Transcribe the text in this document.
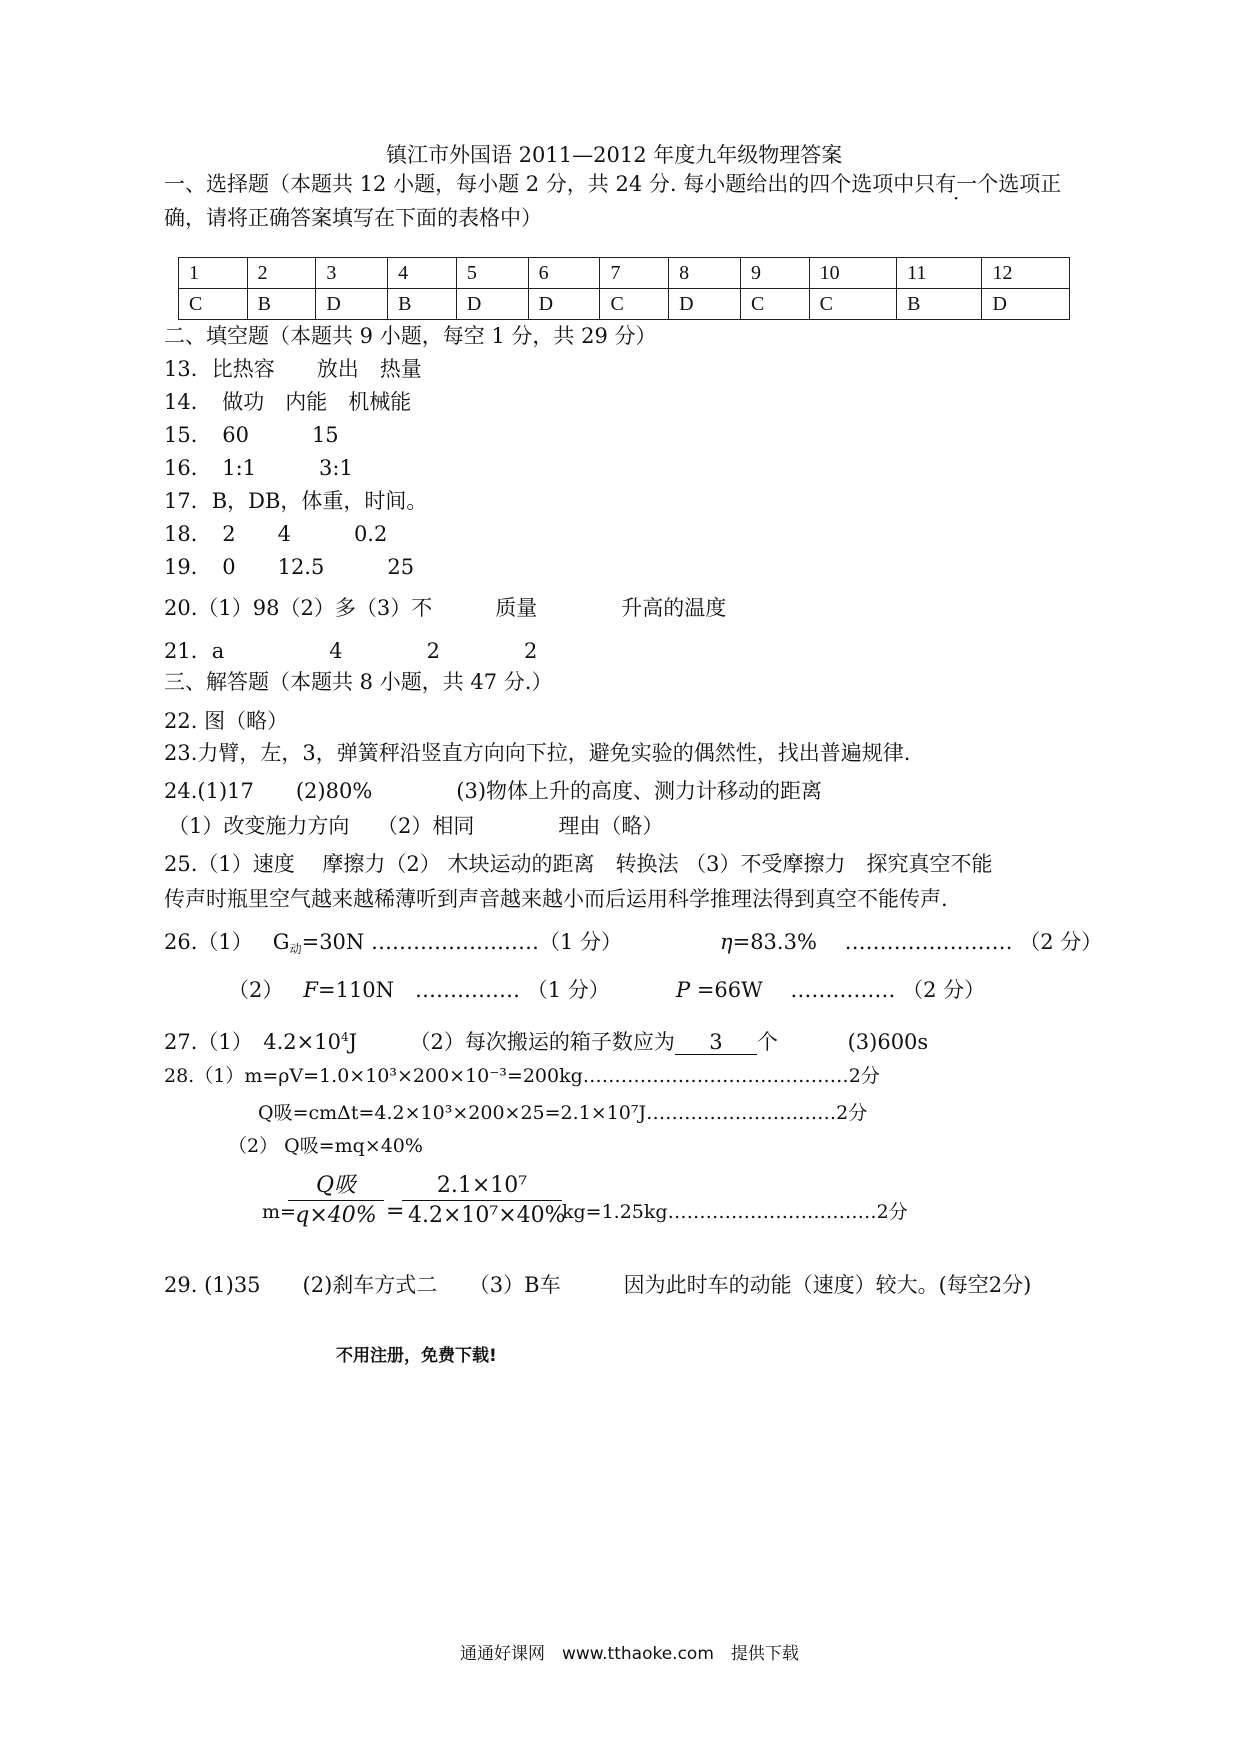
镇江市外国语 2011—2012 年度九年级物理答案
一、选择题（本题共 12 小题，每小题 2 分，共 24 分. 每小题给出的四个选项中只有一个选项正
确，请将正确答案填写在下面的表格中）
1	2	3	4	5	6	7	8	9	10	11	12
C	B	D	B	D	D	C	D	C	C	B	D
二、填空题（本题共 9 小题，每空 1 分，共 29 分）
13．比热容　　放出　热量
14．　做功　内能　机械能
15．　60　　　15
16．　1:1　　　3:1
17．B，DB，体重，时间。
18．　2　　4　　　0.2
19．　0　　12.5　　　25
20.（1）98（2）多（3）不　　　质量　　　　升高的温度
21．a　　　　　4　　　　2　　　　2
三、解答题（本题共 8 小题，共 47 分.）
22. 图（略）
23.力臂，左，3，弹簧秤沿竖直方向向下拉，避免实验的偶然性，找出普遍规律.
24.(1)17　　(2)80%　　　　(3)物体上升的高度、测力计移动的距离
（1）改变施力方向　 （2）相同　　　　理由（略）
25.（1）速度　 摩擦力（2） 木块运动的距离　转换法 （3）不受摩擦力　探究真空不能
传声时瓶里空气越来越稀薄听到声音越来越小而后运用科学推理法得到真空不能传声.
26.（1） $G_动=30N$ ……………………（1 分）	η=83.3%　 …………………… （2 分）
（2） F=110N　…………… （1 分）	P =66W　 …………… （2 分）
27.（1）　$4.2\times 10^4J$　　　（2）每次搬运的箱子数应为 3 个　　　 (3)600s
28.（1）m=ρV=1.0×10³×200×10⁻³=200kg……………………………………2分
Q吸=cmΔt=4.2×10³×200×25=2.1×10⁷J…………………………2分
（2） Q吸=mq×40%
m=
Q吸
q×40% =
2.1×10⁷
4.2×10⁷×40%
kg=1.25kg……………………………2分
29. (1)35　　(2)刹车方式二　　（3）B车　　　因为此时车的动能（速度）较大。(每空2分)
不用注册，免费下载!
通通好课网　www.tthaoke.com　提供下载
